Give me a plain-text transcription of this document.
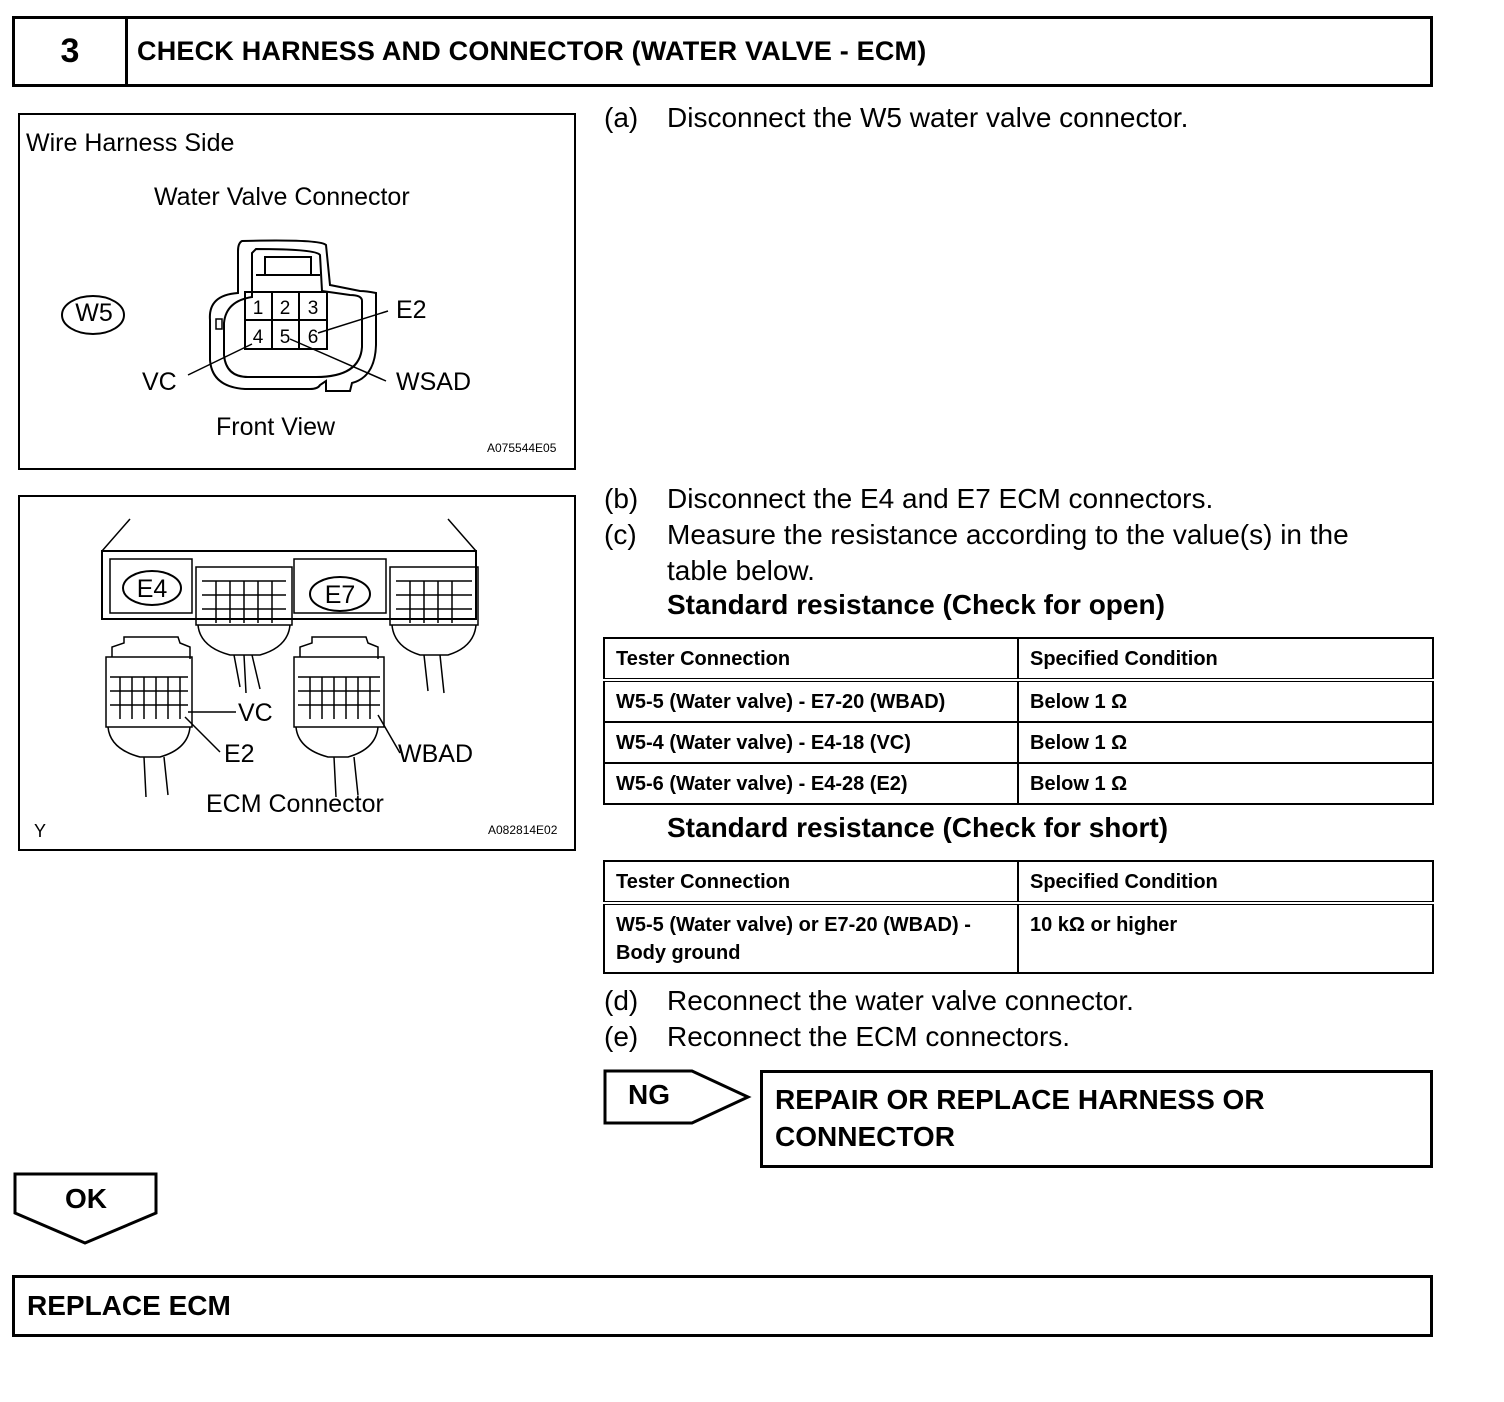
3	CHECK HARNESS AND CONNECTOR (WATER VALVE - ECM)
1 2 3
4 5 6
Wire Harness Side
Water Valve Connector
W5	E2
VC	WSAD
Front View
A075544E05
E4	E7
VC
E2	WBAD
ECM Connector
Y	A082814E02
(a) Disconnect the W5 water valve connector.
(b) Disconnect the E4 and E7 ECM connectors.
(c) Measure the resistance according to the value(s) in the
table below.
Standard resistance (Check for open)
Tester Connection	Specified Condition
W5-5 (Water valve) - E7-20 (WBAD)	Below 1 Ω
W5-4 (Water valve) - E4-18 (VC)	Below 1 Ω
W5-6 (Water valve) - E4-28 (E2)	Below 1 Ω
Standard resistance (Check for short)
Tester Connection	Specified Condition

W5-5 (Water valve) or E7-20 (WBAD) -
Body ground	10 kΩ or higher
(d) Reconnect the water valve connector.
(e) Reconnect the ECM connectors.
NG	REPAIR OR REPLACE HARNESS OR
CONNECTOR
OK
REPLACE ECM
